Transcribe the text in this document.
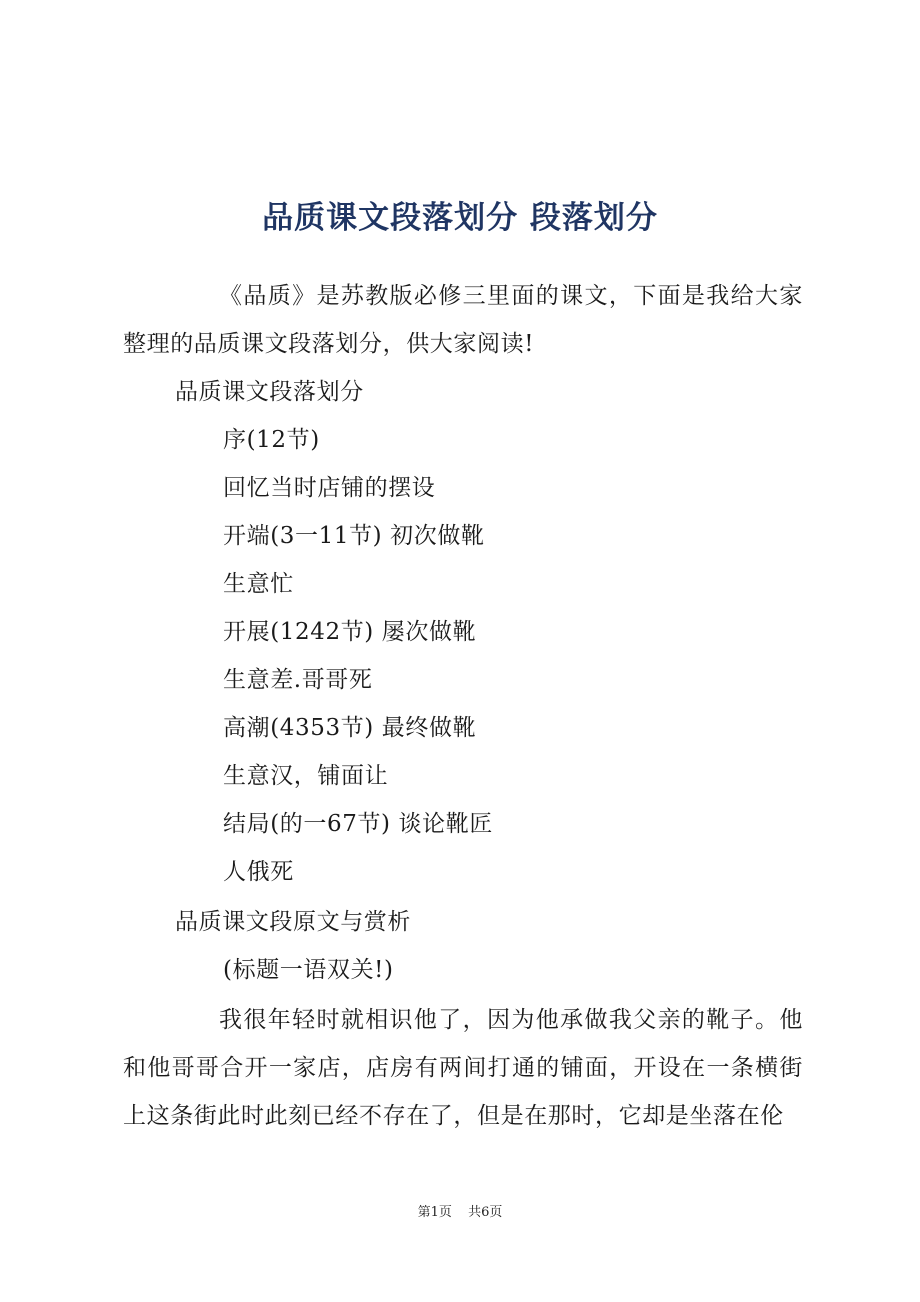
品质课文段落划分 段落划分

《品质》是苏教版必修三里面的课文，下面是我给大家整理的品质课文段落划分，供大家阅读!

品质课文段落划分

序(12节)

回忆当时店铺的摆设

开端(3一11节) 初次做靴

生意忙

开展(1242节) 屡次做靴

生意差.哥哥死

高潮(4353节) 最终做靴

生意汉，铺面让

结局(的一67节) 谈论靴匠

人俄死

品质课文段原文与赏析

(标题一语双关!)

我很年轻时就相识他了，因为他承做我父亲的靴子。他和他哥哥合开一家店，店房有两间打通的铺面，开设在一条横街上这条街此时此刻已经不存在了，但是在那时，它却是坐落在伦

第1页 共6页
